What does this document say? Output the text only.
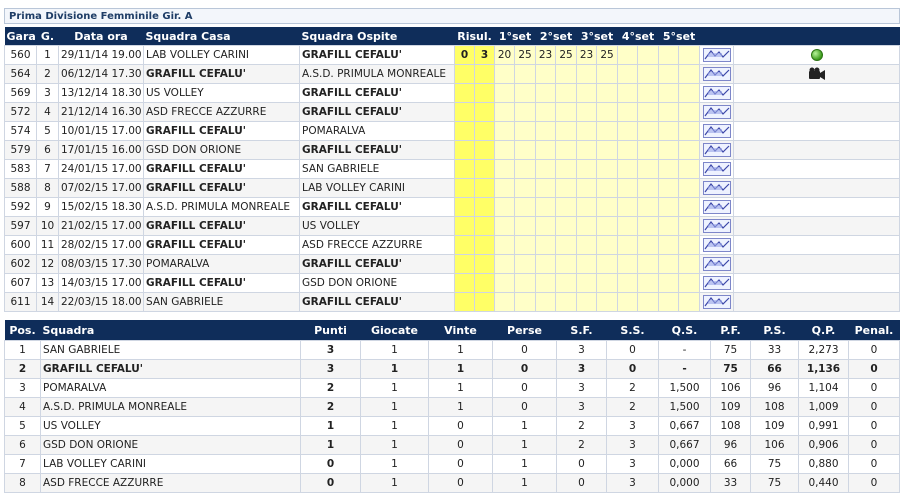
Prima Divisione Femminile Gir. A
Gara	G.	Data ora	Squadra Casa	Squadra Ospite	Risul.		1°set		2°set		3°set		4°set		5°set			
560	1	29/11/14 19.00	LAB VOLLEY CARINI	GRAFILL CEFALU'	0	3	20	25	23	25	23	25						
564	2	06/12/14 17.30	GRAFILL CEFALU'	A.S.D. PRIMULA MONREALE														
569	3	13/12/14 18.30	US VOLLEY	GRAFILL CEFALU'														
572	4	21/12/14 16.30	ASD FRECCE AZZURRE	GRAFILL CEFALU'														
574	5	10/01/15 17.00	GRAFILL CEFALU'	POMARALVA														
579	6	17/01/15 16.00	GSD DON ORIONE	GRAFILL CEFALU'														
583	7	24/01/15 17.00	GRAFILL CEFALU'	SAN GABRIELE														
588	8	07/02/15 17.00	GRAFILL CEFALU'	LAB VOLLEY CARINI														
592	9	15/02/15 18.30	A.S.D. PRIMULA MONREALE	GRAFILL CEFALU'														
597	10	21/02/15 17.00	GRAFILL CEFALU'	US VOLLEY														
600	11	28/02/15 17.00	GRAFILL CEFALU'	ASD FRECCE AZZURRE														
602	12	08/03/15 17.30	POMARALVA	GRAFILL CEFALU'														
607	13	14/03/15 17.00	GRAFILL CEFALU'	GSD DON ORIONE														
611	14	22/03/15 18.00	SAN GABRIELE	GRAFILL CEFALU'														
Pos.	Squadra	Punti	Giocate	Vinte	Perse	S.F.	S.S.	Q.S.	P.F.	P.S.	Q.P.	Penal.
1	SAN GABRIELE	3	1	1	0	3	0	-	75	33	2,273	0
2	GRAFILL CEFALU'	3	1	1	0	3	0	-	75	66	1,136	0
3	POMARALVA	2	1	1	0	3	2	1,500	106	96	1,104	0
4	A.S.D. PRIMULA MONREALE	2	1	1	0	3	2	1,500	109	108	1,009	0
5	US VOLLEY	1	1	0	1	2	3	0,667	108	109	0,991	0
6	GSD DON ORIONE	1	1	0	1	2	3	0,667	96	106	0,906	0
7	LAB VOLLEY CARINI	0	1	0	1	0	3	0,000	66	75	0,880	0
8	ASD FRECCE AZZURRE	0	1	0	1	0	3	0,000	33	75	0,440	0
